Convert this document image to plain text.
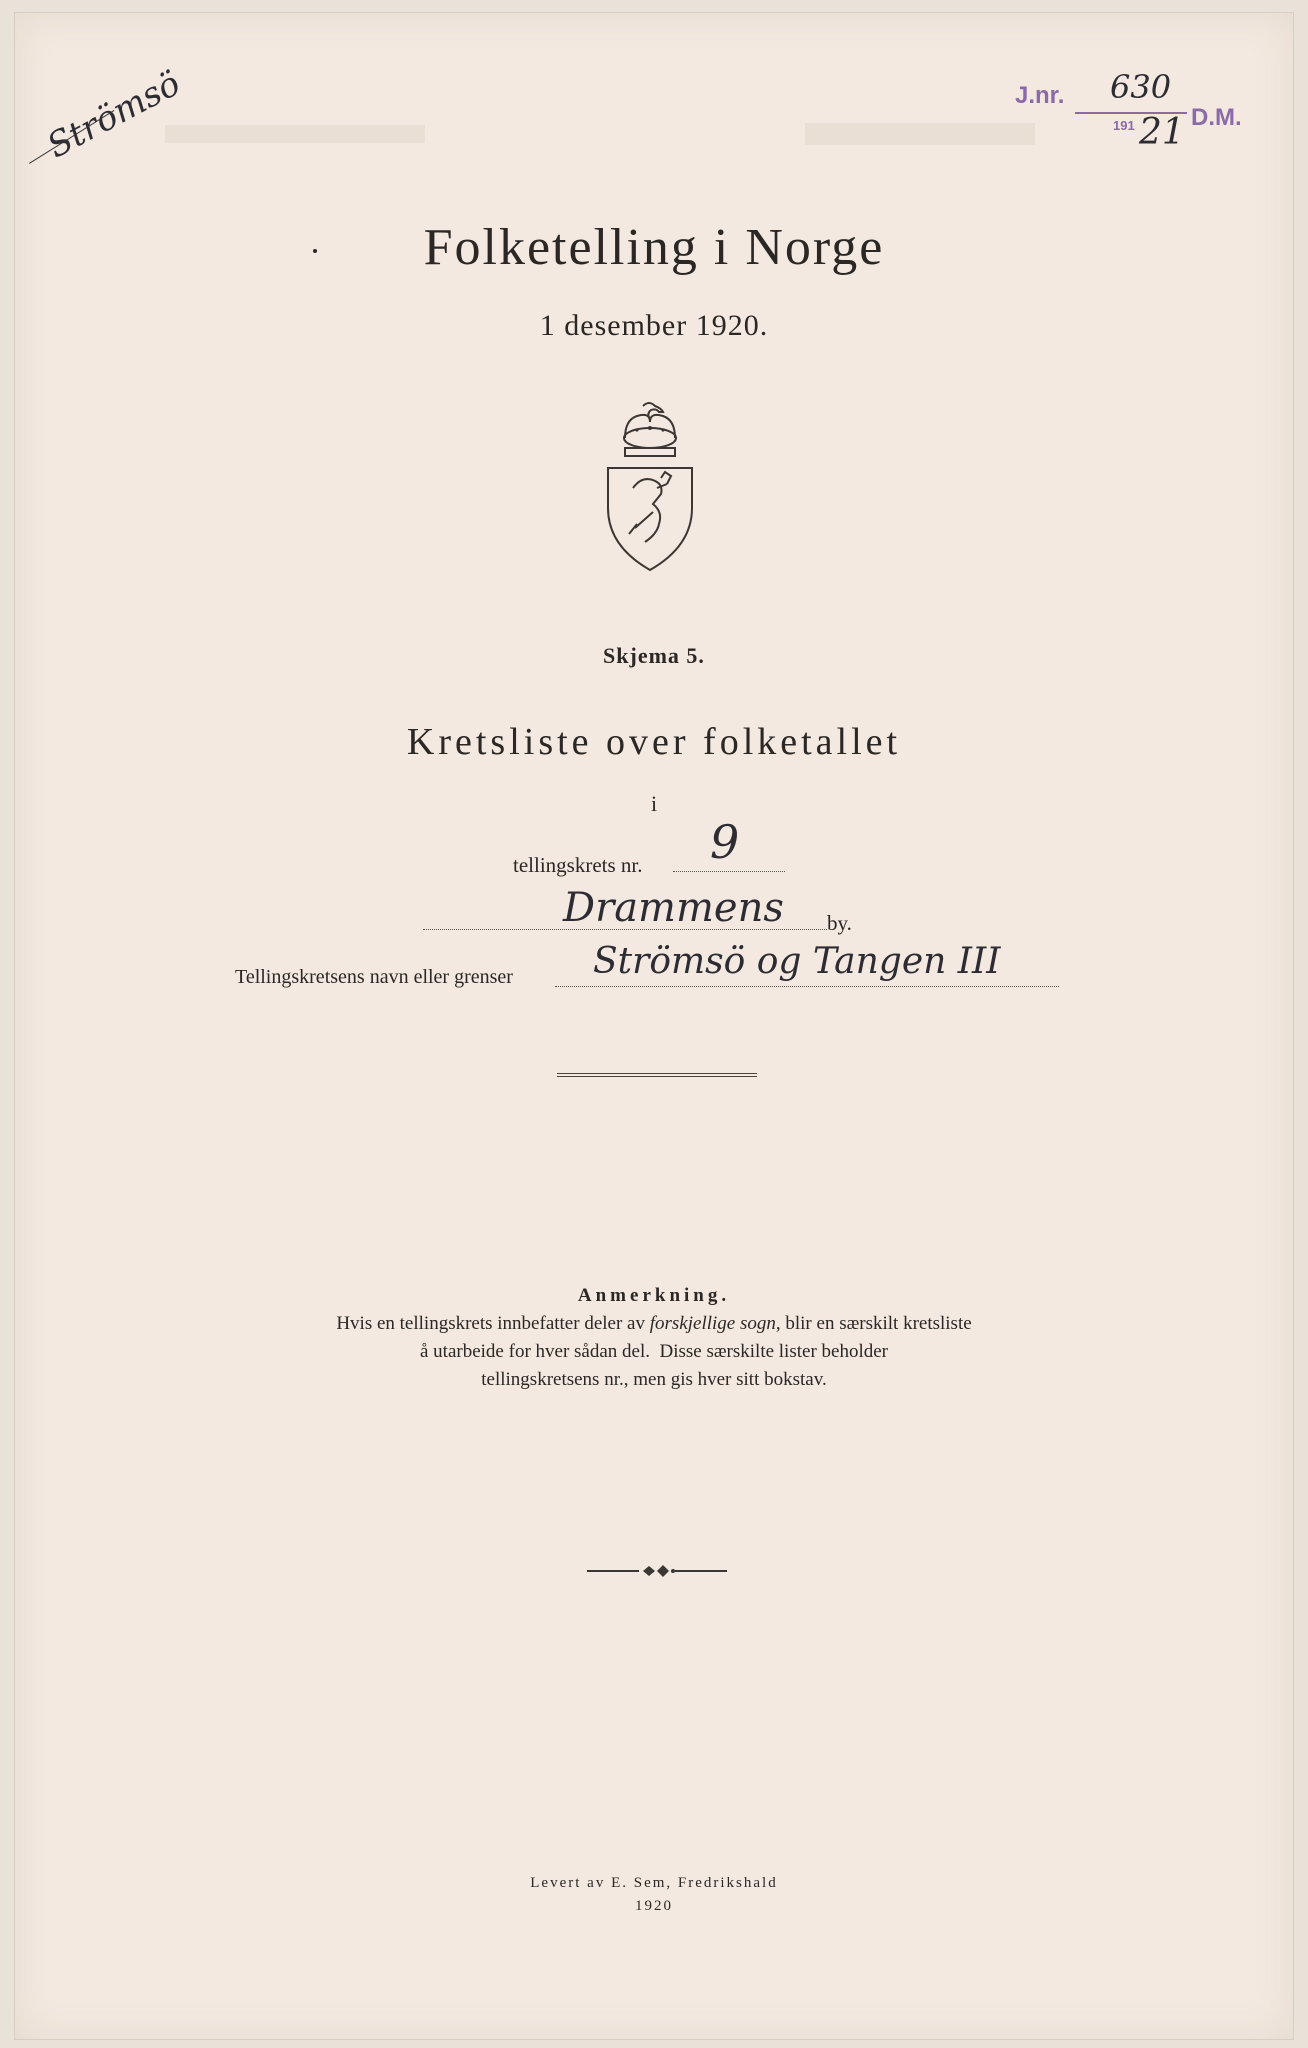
Strömsö	J.nr. 630
191 21 D.M.
Folketelling i Norge
1 desember 1920.
Skjema 5.
Kretsliste over folketallet
i
tellingskrets nr. 9
Drammens by.
Tellingskretsens navn eller grenser Strömsö og Tangen III
Anmerkning.
Hvis en tellingskrets innbefatter deler av forskjellige sogn, blir en særskilt kretsliste
å utarbeide for hver sådan del.  Disse særskilte lister beholder
tellingskretsens nr., men gis hver sitt bokstav.
Levert av E. Sem, Fredrikshald
1920
